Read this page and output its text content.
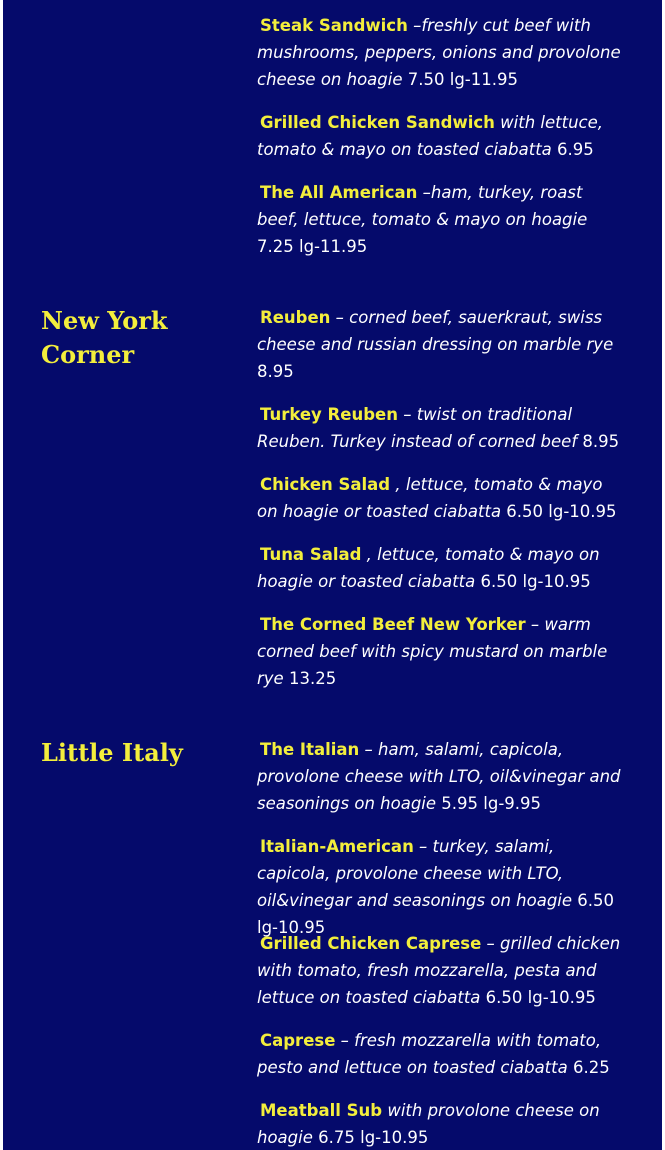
Steak Sandwich –freshly cut beef with mushrooms, peppers, onions and provolone cheese on hoagie 7.50 lg-11.95

Grilled Chicken Sandwich with lettuce, tomato & mayo on toasted ciabatta 6.95

The All American –ham, turkey, roast beef, lettuce, tomato & mayo on hoagie 7.25 lg-11.95

New York Corner

Reuben – corned beef, sauerkraut, swiss cheese and russian dressing on marble rye 8.95

Turkey Reuben – twist on traditional Reuben. Turkey instead of corned beef 8.95

Chicken Salad , lettuce, tomato & mayo on hoagie or toasted ciabatta 6.50 lg-10.95

Tuna Salad , lettuce, tomato & mayo on hoagie or toasted ciabatta 6.50 lg-10.95

The Corned Beef New Yorker – warm corned beef with spicy mustard on marble rye 13.25

Little Italy	The Italian – ham, salami, capicola, provolone cheese with LTO, oil&vinegar and seasonings on hoagie 5.95 lg-9.95

Italian-American – turkey, salami, capicola, provolone cheese with LTO, oil&vinegar and seasonings on hoagie 6.50 lg-10.95

Grilled Chicken Caprese – grilled chicken with tomato, fresh mozzarella, pesta and lettuce on toasted ciabatta 6.50 lg-10.95

Caprese – fresh mozzarella with tomato, pesto and lettuce on toasted ciabatta 6.25

Meatball Sub with provolone cheese on hoagie 6.75 lg-10.95
